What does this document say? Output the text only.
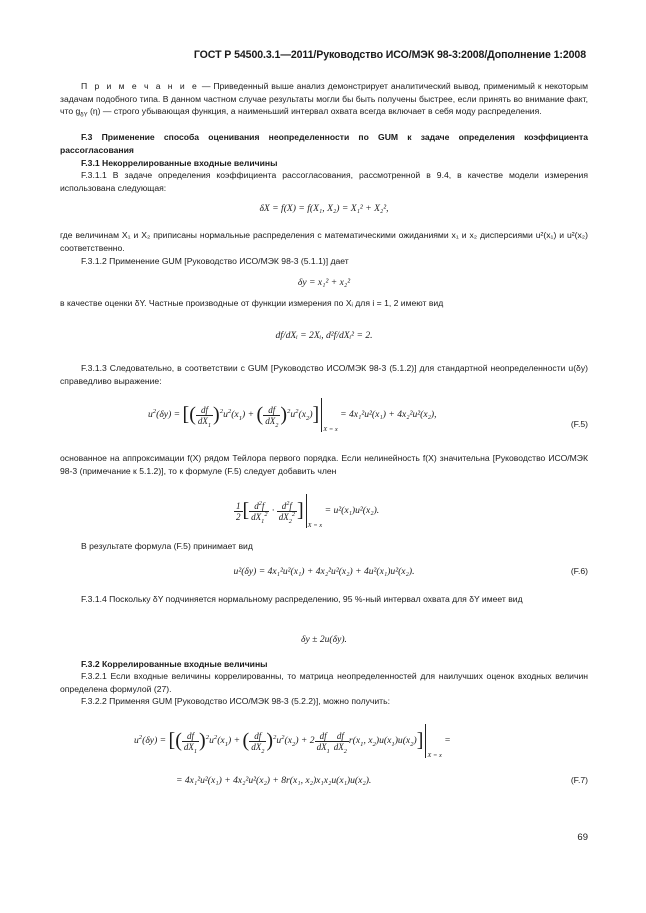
ГОСТ Р 54500.3.1—2011/Руководство ИСО/МЭК 98-3:2008/Дополнение 1:2008

П р и м е ч а н и е — Приведенный выше анализ демонстрирует аналитический вывод, применимый к некоторым задачам подобного типа. В данном частном случае результаты могли бы быть получены быстрее, если принять во внимание факт, что $g_{\delta Y}$ (η) — строго убывающая функция, а наименьший интервал охвата всегда включает в себя моду распределения.

F.3 Применение способа оценивания неопределенности по GUM к задаче определения коэффициента рассогласования

F.3.1 Некоррелированные входные величины

F.3.1.1 В задаче определения коэффициента рассогласования, рассмотренной в 9.4, в качестве модели измерения использована следующая:

δX = f(X) = f(X₁, X₂) = X₁² + X₂²,

где величинам X₁ и X₂ приписаны нормальные распределения с математическими ожиданиями x₁ и x₂ дисперсиями u²(x₁) и u²(x₂) соответственно.

F.3.1.2 Применение GUM [Руководство ИСО/МЭК 98-3 (5.1.1)] дает

δy = x₁² + x₂²

в качестве оценки δY. Частные производные от функции измерения по Xᵢ для i = 1, 2 имеют вид

df/dXᵢ = 2Xᵢ, d²f/dXᵢ² = 2.

F.3.1.3 Следовательно, в соответствии с GUM [Руководство ИСО/МЭК 98-3 (5.1.2)] для стандартной неопределенности u(δy) справедливо выражение:

$u^2(\delta y)$ = [( $\frac{df}{dX_1} )^2u^2(x_1)$ + ( $\frac{df}{dX_2} )^2u^2(x_2)]_{X = x} = 4x_1^2u^2(x_1) + 4x_2^2u^2(x_2)$,
(F.5)

основанное на аппроксимации f(X) рядом Тейлора первого порядка. Если нелинейность f(X) значительна [Руководство ИСО/МЭК 98-3 (примечание к 5.1.2)], то к формуле (F.5) следует добавить член

$\frac{1}{2}$ [ $\frac{d^2f}{dX_1^2} \cdot \frac{d^2f}{dX_2^2} ]_{X = x} = u^2(x_1)u^2(x_2)$.

В результате формула (F.5) принимает вид

u²(δy) = 4x₁²u²(x₁) + 4x₂²u²(x₂) + 4u²(x₁)u²(x₂).	(F.6)

F.3.1.4 Поскольку δY подчиняется нормальному распределению, 95 %-ный интервал охвата для δY имеет вид

δy ± 2u(δy).

F.3.2 Коррелированные входные величины

F.3.2.1 Если входные величины коррелированны, то матрица неопределенностей для наилучших оценок входных величин определена формулой (27).

F.3.2.2 Применяя GUM [Руководство ИСО/МЭК 98-3 (5.2.2)], можно получить:

$u^2(\delta y)$ = [( $\frac{df}{dX_1} )^2u^2(x_1)$ + ( $\frac{df}{dX_2} )^2u^2(x_2) + 2 \frac{df}{dX_1} \frac{df}{dX_2} r(x_1$, $x_2)u(x_1)u(x_2)]_{X = x}$ =
= 4x₁²u²(x₁) + 4x₂²u²(x₂) + 8r(x₁, x₂)x₁x₂u(x₁)u(x₂).	(F.7)
69
